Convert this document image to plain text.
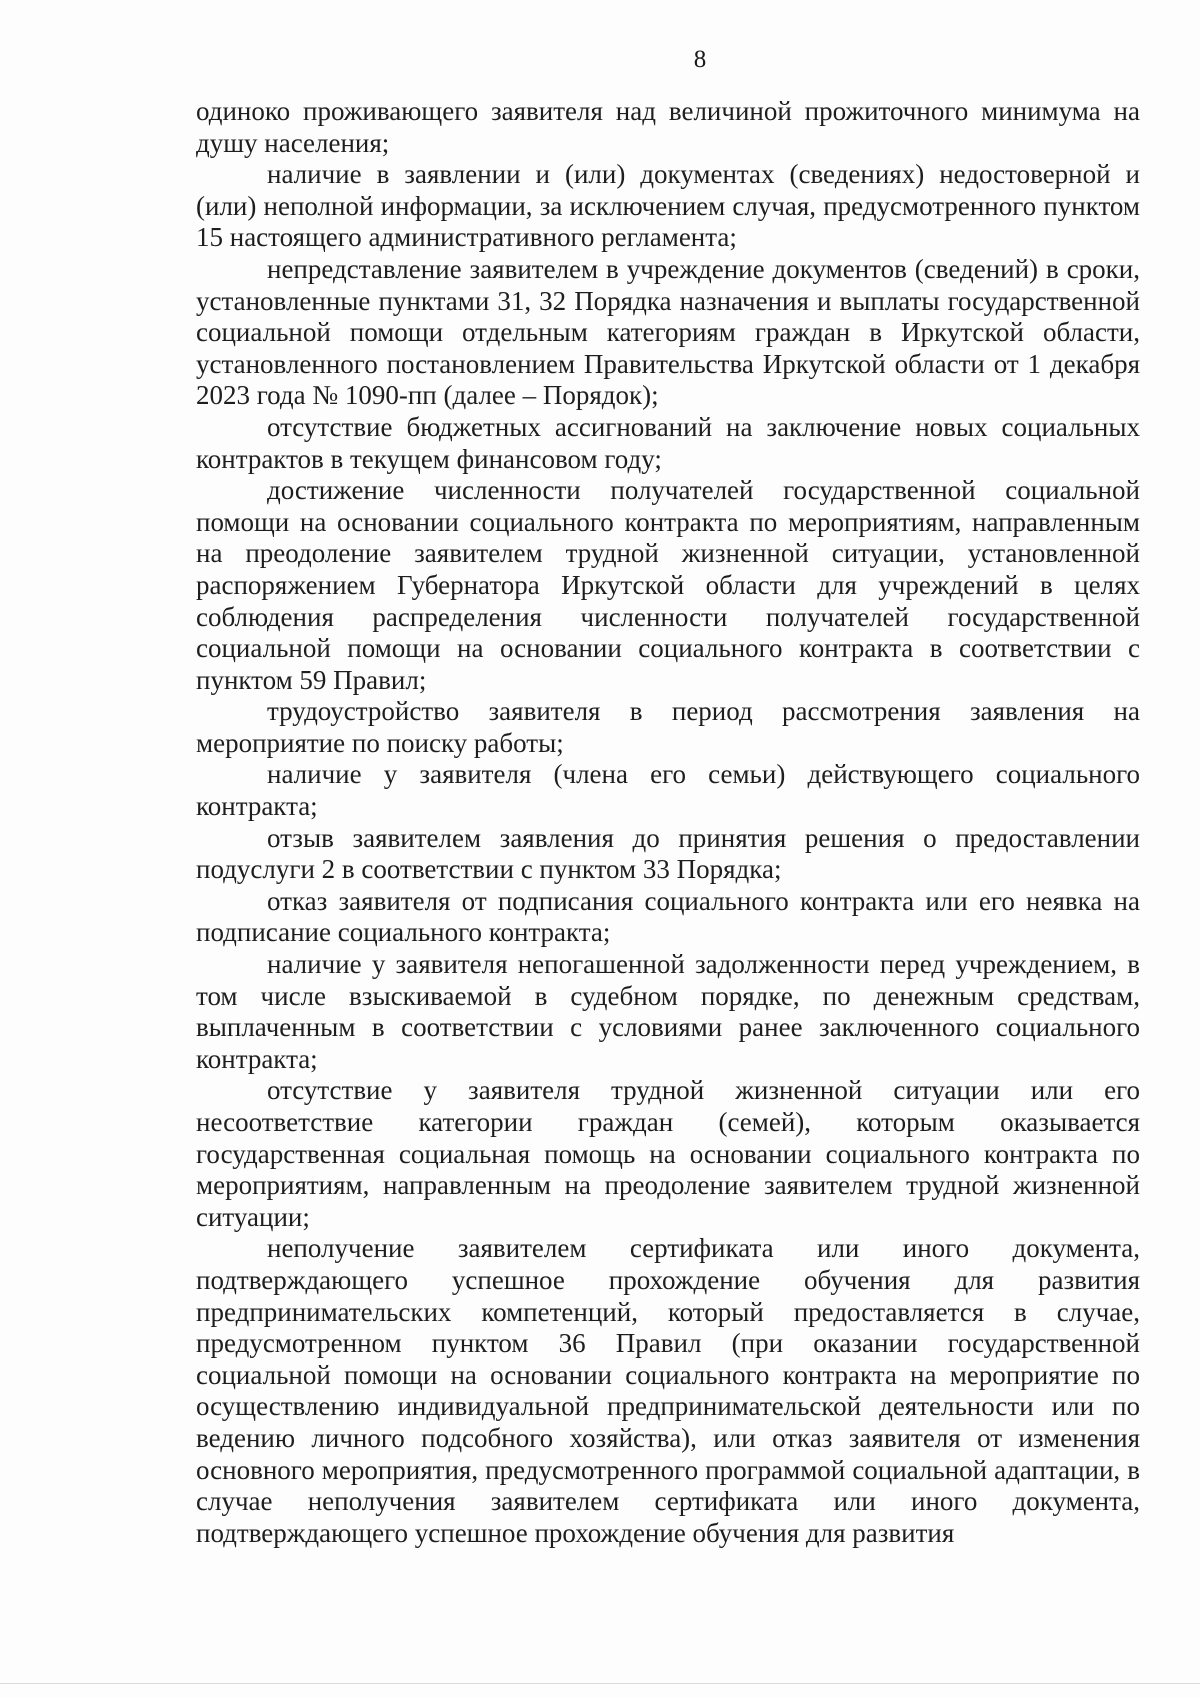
8

одиноко проживающего заявителя над величиной прожиточного минимума на душу населения;

наличие в заявлении и (или) документах (сведениях) недостоверной и (или) неполной информации, за исключением случая, предусмотренного пунктом 15 настоящего административного регламента;

непредставление заявителем в учреждение документов (сведений) в сроки, установленные пунктами 31, 32 Порядка назначения и выплаты государственной социальной помощи отдельным категориям граждан в Иркутской области, установленного постановлением Правительства Иркутской области от 1 декабря 2023 года № 1090-пп (далее – Порядок);

отсутствие бюджетных ассигнований на заключение новых социальных контрактов в текущем финансовом году;

достижение численности получателей государственной социальной помощи на основании социального контракта по мероприятиям, направленным на преодоление заявителем трудной жизненной ситуации, установленной распоряжением Губернатора Иркутской области для учреждений в целях соблюдения распределения численности получателей государственной социальной помощи на основании социального контракта в соответствии с пунктом 59 Правил;

трудоустройство заявителя в период рассмотрения заявления на мероприятие по поиску работы;

наличие у заявителя (члена его семьи) действующего социального контракта;

отзыв заявителем заявления до принятия решения о предоставлении подуслуги 2 в соответствии с пунктом 33 Порядка;

отказ заявителя от подписания социального контракта или его неявка на подписание социального контракта;

наличие у заявителя непогашенной задолженности перед учреждением, в том числе взыскиваемой в судебном порядке, по денежным средствам, выплаченным в соответствии с условиями ранее заключенного социального контракта;

отсутствие у заявителя трудной жизненной ситуации или его несоответствие категории граждан (семей), которым оказывается государственная социальная помощь на основании социального контракта по мероприятиям, направленным на преодоление заявителем трудной жизненной ситуации;

неполучение заявителем сертификата или иного документа, подтверждающего успешное прохождение обучения для развития предпринимательских компетенций, который предоставляется в случае, предусмотренном пунктом 36 Правил (при оказании государственной социальной помощи на основании социального контракта на мероприятие по осуществлению индивидуальной предпринимательской деятельности или по ведению личного подсобного хозяйства), или отказ заявителя от изменения основного мероприятия, предусмотренного программой социальной адаптации, в случае неполучения заявителем сертификата или иного документа, подтверждающего успешное прохождение обучения для развития
